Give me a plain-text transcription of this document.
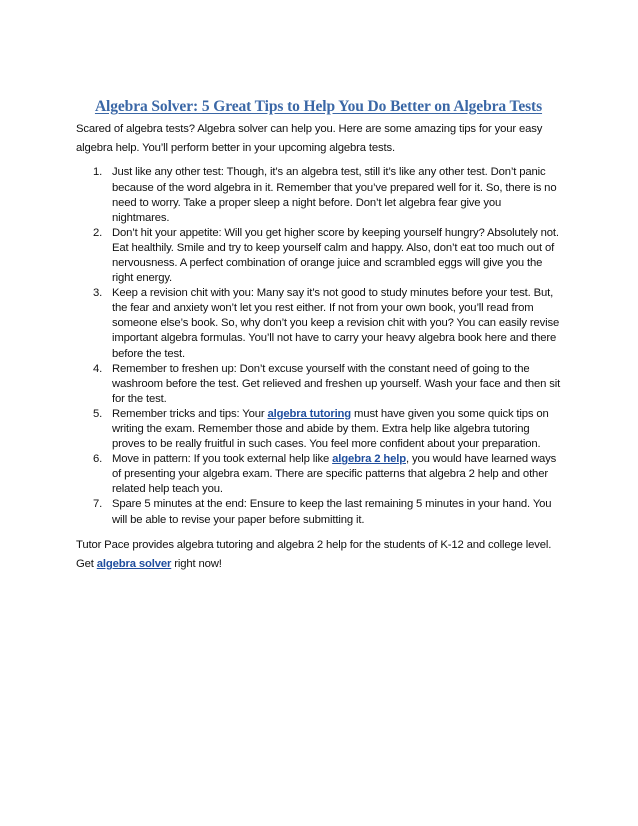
Algebra Solver: 5 Great Tips to Help You Do Better on Algebra Tests

Scared of algebra tests? Algebra solver can help you. Here are some amazing tips for your easy algebra help. You’ll perform better in your upcoming algebra tests.

1. Just like any other test: Though, it’s an algebra test, still it’s like any other test. Don’t panic because of the word algebra in it. Remember that you’ve prepared well for it. So, there is no need to worry. Take a proper sleep a night before. Don’t let algebra fear give you nightmares.
2. Don’t hit your appetite: Will you get higher score by keeping yourself hungry? Absolutely not. Eat healthily. Smile and try to keep yourself calm and happy. Also, don’t eat too much out of nervousness. A perfect combination of orange juice and scrambled eggs will give you the right energy.
3. Keep a revision chit with you: Many say it’s not good to study minutes before your test. But, the fear and anxiety won’t let you rest either. If not from your own book, you’ll read from someone else’s book. So, why don’t you keep a revision chit with you? You can easily revise important algebra formulas. You’ll not have to carry your heavy algebra book here and there before the test.
4. Remember to freshen up: Don’t excuse yourself with the constant need of going to the washroom before the test. Get relieved and freshen up yourself. Wash your face and then sit for the test.
5. Remember tricks and tips: Your algebra tutoring must have given you some quick tips on writing the exam. Remember those and abide by them. Extra help like algebra tutoring proves to be really fruitful in such cases. You feel more confident about your preparation.
6. Move in pattern: If you took external help like algebra 2 help, you would have learned ways of presenting your algebra exam. There are specific patterns that algebra 2 help and other related help teach you.
7. Spare 5 minutes at the end: Ensure to keep the last remaining 5 minutes in your hand. You will be able to revise your paper before submitting it.

Tutor Pace provides algebra tutoring and algebra 2 help for the students of K-12 and college level. Get algebra solver right now!
